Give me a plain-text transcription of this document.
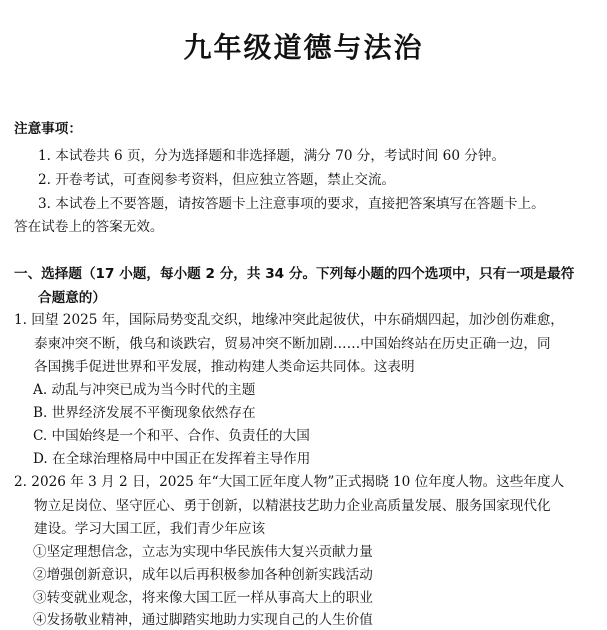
九年级道德与法治
注意事项：
1. 本试卷共 6 页，分为选择题和非选择题，满分 70 分，考试时间 60 分钟。
2. 开卷考试，可查阅参考资料，但应独立答题，禁止交流。
3. 本试卷上不要答题，请按答题卡上注意事项的要求，直接把答案填写在答题卡上。
答在试卷上的答案无效。
一、选择题（17 小题，每小题 2 分，共 34 分。下列每小题的四个选项中，只有一项是最符
合题意的）
1. 回望 2025 年，国际局势变乱交织，地缘冲突此起彼伏，中东硝烟四起，加沙创伤难愈，
泰柬冲突不断，俄乌和谈跌宕，贸易冲突不断加剧……中国始终站在历史正确一边，同
各国携手促进世界和平发展，推动构建人类命运共同体。这表明
A. 动乱与冲突已成为当今时代的主题
B. 世界经济发展不平衡现象依然存在
C. 中国始终是一个和平、合作、负责任的大国
D. 在全球治理格局中中国正在发挥着主导作用
2. 2026 年 3 月 2 日，2025 年“大国工匠年度人物”正式揭晓 10 位年度人物。这些年度人
物立足岗位、坚守匠心、勇于创新，以精湛技艺助力企业高质量发展、服务国家现代化
建设。学习大国工匠，我们青少年应该
①坚定理想信念，立志为实现中华民族伟大复兴贡献力量
②增强创新意识，成年以后再积极参加各种创新实践活动
③转变就业观念，将来像大国工匠一样从事高大上的职业
④发扬敬业精神，通过脚踏实地助力实现自己的人生价值
